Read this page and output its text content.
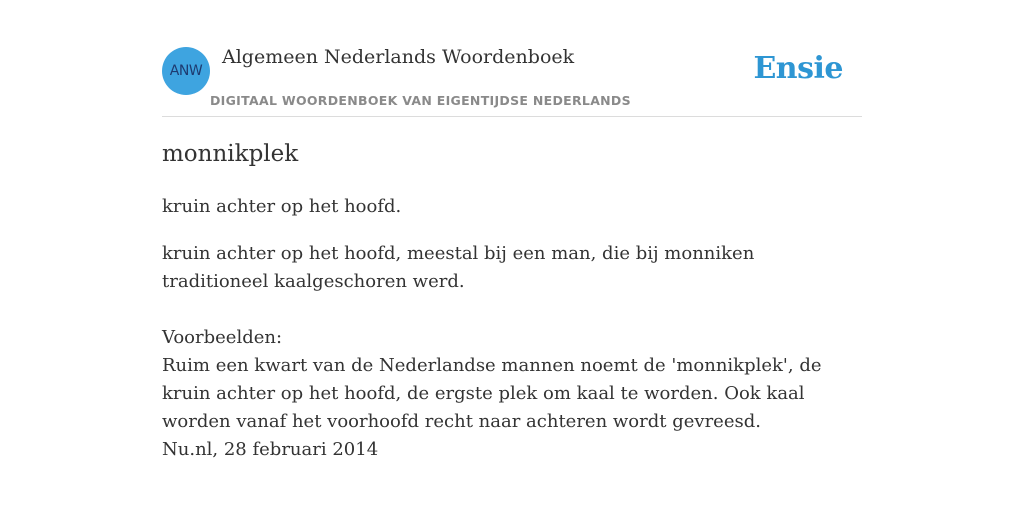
ANW
Algemeen Nederlands Woordenboek
DIGITAAL WOORDENBOEK VAN EIGENTIJDSE NEDERLANDS
Ensie
monnikplek

kruin achter op het hoofd.

kruin achter op het hoofd, meestal bij een man, die bij monniken traditioneel kaalgeschoren werd.

Voorbeelden:
Ruim een kwart van de Nederlandse mannen noemt de 'monnikplek', de kruin achter op het hoofd, de ergste plek om kaal te worden. Ook kaal worden vanaf het voorhoofd recht naar achteren wordt gevreesd.
Nu.nl, 28 februari 2014
